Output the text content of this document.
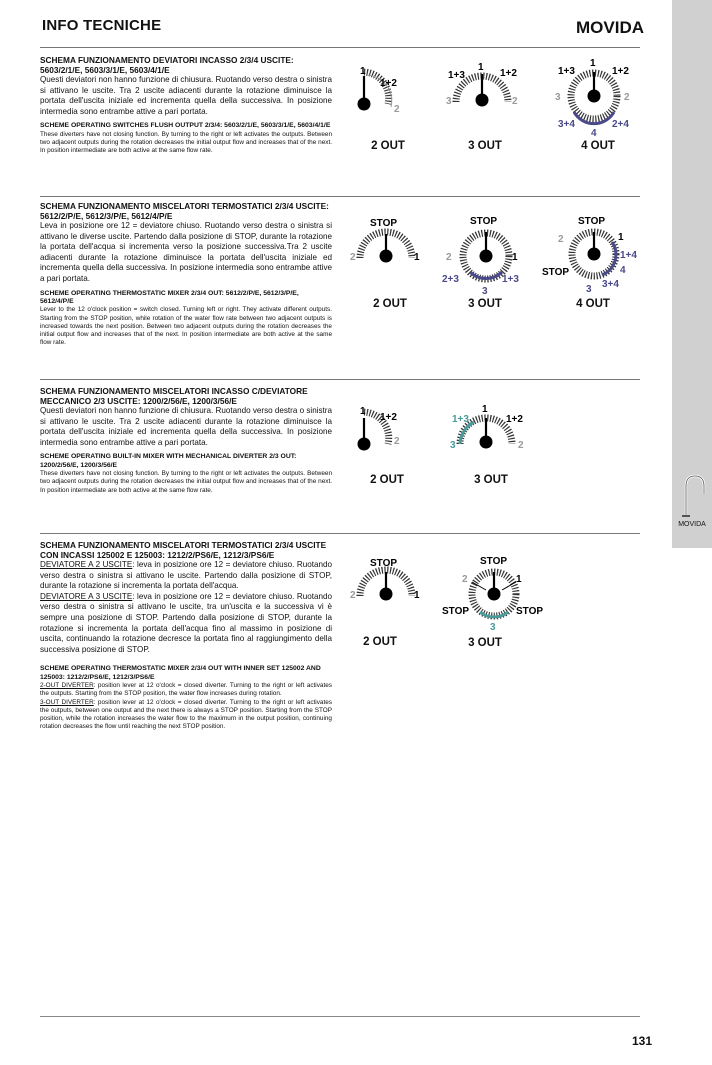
INFO TECNICHE	MOVIDA
MOVIDA

SCHEMA FUNZIONAMENTO DEVIATORI INCASSO 2/3/4 USCITE: 5603/2/1/E, 5603/3/1/E, 5603/4/1/E

Questi deviatori non hanno funzione di chiusura. Ruotando verso destra o sinistra si attivano le uscite. Tra 2 uscite adiacenti durante la rotazione diminuisce la portata dell'uscita iniziale ed incrementa quella della successiva. In posizione intermedia sono entrambe attive a pari portata.

SCHEME OPERATING SWITCHES FLUSH OUTPUT 2/3/4: 5603/2/1/E, 5603/3/1/E, 5603/4/1/E

These diverters have not closing function. By turning to the right or left activates the outputs. Between two adjacent outputs during the rotation decreases the initial output flow and increases that of the next. In position intermediate are both active at the same flow rate.

SCHEMA FUNZIONAMENTO MISCELATORI TERMOSTATICI 2/3/4 USCITE: 5612/2/P/E, 5612/3/P/E, 5612/4/P/E

Leva in posizione ore 12 = deviatore chiuso. Ruotando verso destra o sinistra si attivano le diverse uscite. Partendo dalla posizione di STOP, durante la rotazione la portata dell'acqua si incrementa verso la posizione successiva.Tra 2 uscite adiacenti durante la rotazione diminuisce la portata dell'uscita iniziale ed incrementa quella della successiva. In posizione intermedia sono entrambe attive a pari portata.

SCHEME OPERATING THERMOSTATIC MIXER 2/3/4 OUT: 5612/2/P/E, 5612/3/P/E, 5612/4/P/E

Lever to the 12 o'clock position = switch closed. Turning left or right. They activate different outputs. Starting from the STOP position, while rotation of the water flow rate between two adjacent outputs is increased towards the next position. Between two adjacent outputs during the rotation decreases the initial output flow and increases that of the next. In position intermediate are both active at the same flow rate.

SCHEMA FUNZIONAMENTO MISCELATORI INCASSO C/DEVIATORE MECCANICO 2/3 USCITE: 1200/2/56/E, 1200/3/56/E

Questi deviatori non hanno funzione di chiusura. Ruotando verso destra o sinistra si attivano le uscite. Tra 2 uscite adiacenti durante la rotazione diminuisce la portata dell'uscita iniziale ed incrementa quella della successiva. In posizione intermedia sono entrambe attive a pari portata.

SCHEME OPERATING BUILT-IN MIXER WITH MECHANICAL DIVERTER 2/3 OUT: 1200/2/56/E, 1200/3/56/E

These diverters have not closing function. By turning to the right or left activates the outputs. Between two adjacent outputs during the rotation decreases the initial output flow and increases that of the next. In position intermediate are both active at the same flow rate.

SCHEMA FUNZIONAMENTO MISCELATORI TERMOSTATICI 2/3/4 USCITE CON INCASSI 125002 E 125003: 1212/2/PS6/E, 1212/3/PS6/E

DEVIATORE A 2 USCITE: leva in posizione ore 12 = deviatore chiuso. Ruotando verso destra o sinistra si attivano le uscite. Partendo dalla posizione di STOP, durante la rotazione si incrementa la portata dell'acqua.
DEVIATORE A 3 USCITE: leva in posizione ore 12 = deviatore chiuso. Ruotando verso destra o sinistra si attivano le uscite, tra un'uscita e la successiva vi è sempre una posizione di STOP. Partendo dalla posizione di STOP, durante la rotazione si incrementa la portata dell'acqua fino al massimo in posizione di uscita, continuando la rotazione decresce la portata fino al raggiungimento della successiva posizione di STOP.

SCHEME OPERATING THERMOSTATIC MIXER 2/3/4 OUT WITH INNER SET 125002 AND 125003: 1212/2/PS6/E, 1212/3/PS6/E

2-OUT DIVERTER: position lever at 12 o'clock = closed diverter. Turning to the right or left activates the outputs. Starting from the STOP position, the water flow increases during rotation.
3-OUT DIVERTER: position lever at 12 o'clock = closed diverter. Turning to the right or left activates the outputs, between one output and the next there is always a STOP position. Starting from the STOP position, while the rotation increases the water flow to the maximum in the output position, continuing rotation decreases the flow until reaching the next STOP position.

1
1+2
2
1
1+3	1+2
3	2
1
1+3	1+2
3	2
3+4	2+4
4
2 OUT	3 OUT	4 OUT
STOP
2	1
STOP
2	1
2+3	1+3
3
STOP
2	1
1+4
STOP	4
3+4
3
2 OUT	3 OUT	4 OUT
1
1+2
2
1
1+3	1+2
3	2
2 OUT	3 OUT
STOP
2	1
STOP
2	1
STOP	STOP
3
2 OUT	3 OUT
131
